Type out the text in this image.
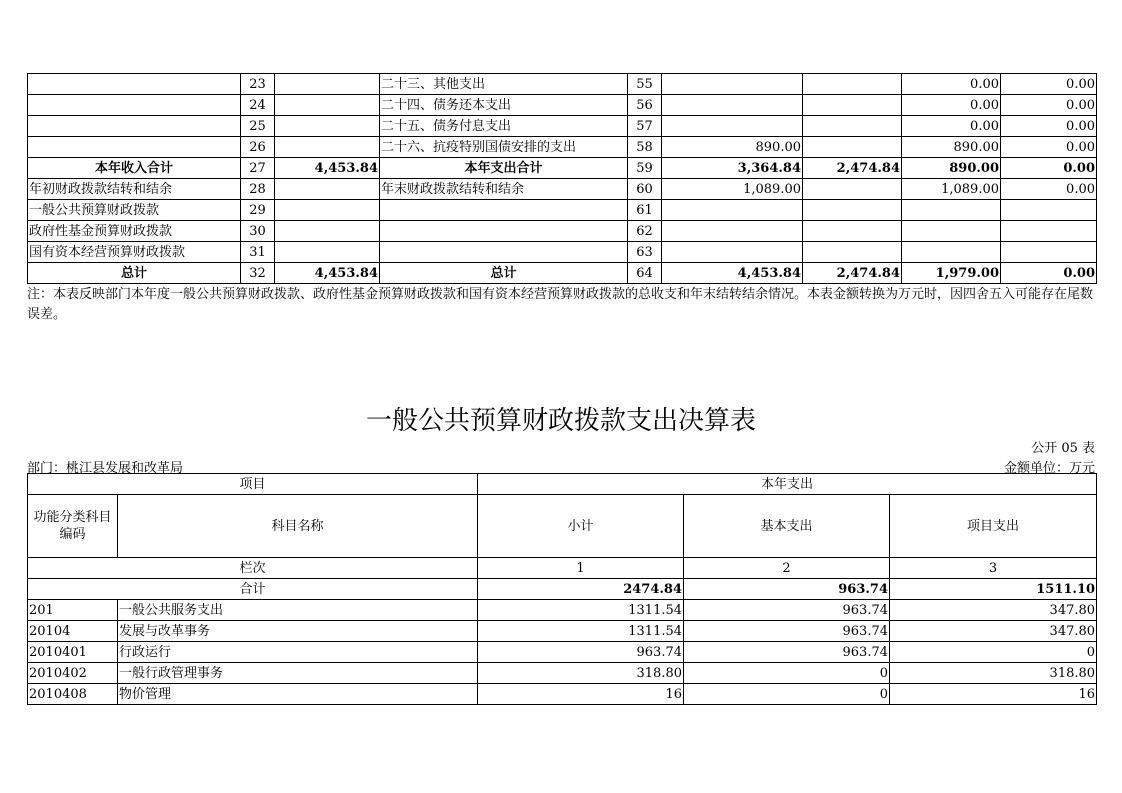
	23		二十三、其他支出	55			0.00	0.00
	24		二十四、债务还本支出	56			0.00	0.00
	25		二十五、债务付息支出	57			0.00	0.00
	26		二十六、抗疫特别国债安排的支出	58	890.00		890.00	0.00
本年收入合计	27	4,453.84	本年支出合计	59	3,364.84	2,474.84	890.00	0.00
年初财政拨款结转和结余	28		年末财政拨款结转和结余	60	1,089.00		1,089.00	0.00
一般公共预算财政拨款	29			61				
政府性基金预算财政拨款	30			62				
国有资本经营预算财政拨款	31			63				
总计	32	4,453.84	总计	64	4,453.84	2,474.84	1,979.00	0.00
注：本表反映部门本年度一般公共预算财政拨款、政府性基金预算财政拨款和国有资本经营预算财政拨款的总收支和年末结转结余情况。本表金额转换为万元时，因四舍五入可能存在尾数误差。
一般公共预算财政拨款支出决算表
公开 05 表
部门：桃江县发展和改革局	金额单位：万元
项目		本年支出		
功能分类科目编码	科目名称	小计	基本支出	项目支出
栏次		1	2	3
合计		2474.84	963.74	1511.10
201	一般公共服务支出	1311.54	963.74	347.80
20104	发展与改革事务	1311.54	963.74	347.80
2010401	行政运行	963.74	963.74	0
2010402	一般行政管理事务	318.80	0	318.80
2010408	物价管理	16	0	16
